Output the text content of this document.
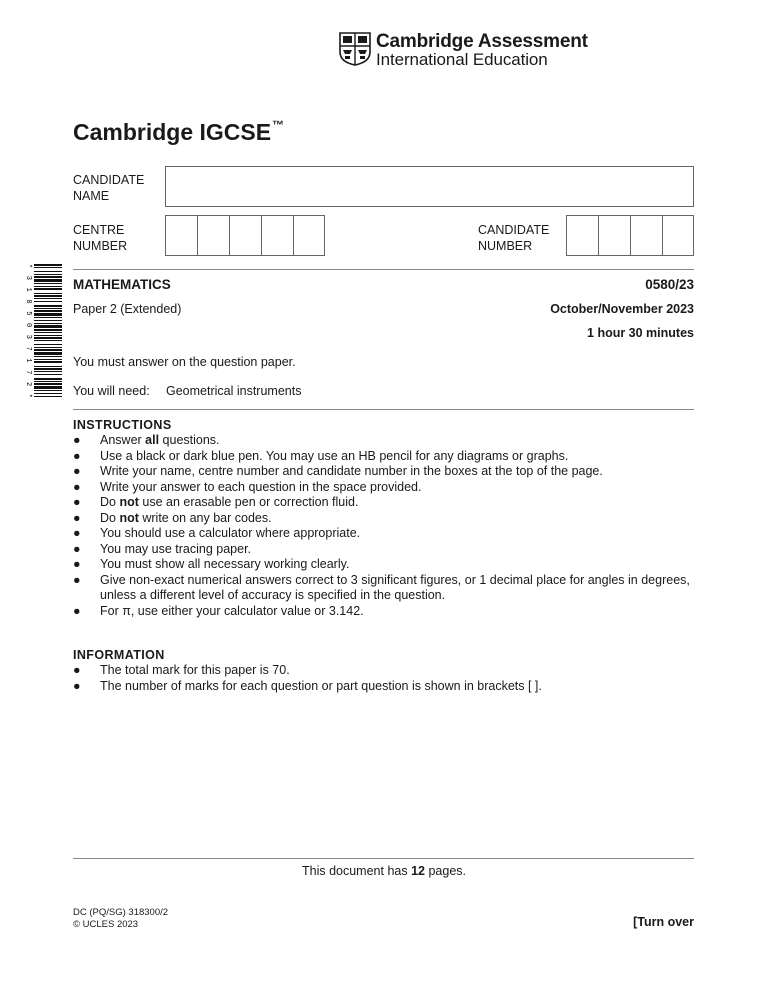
Cambridge Assessment
International Education
Cambridge IGCSE™
CANDIDATE
NAME
CENTRE
NUMBER
CANDIDATE
NUMBER
*3185037172*
MATHEMATICS	0580/23
Paper 2 (Extended)	October/November 2023
1 hour 30 minutes
You must answer on the question paper.
You will need: Geometrical instruments
INSTRUCTIONS
● Answer all questions.
● Use a black or dark blue pen. You may use an HB pencil for any diagrams or graphs.
● Write your name, centre number and candidate number in the boxes at the top of the page.
● Write your answer to each question in the space provided.
● Do not use an erasable pen or correction fluid.
● Do not write on any bar codes.
● You should use a calculator where appropriate.
● You may use tracing paper.
● You must show all necessary working clearly.
● Give non-exact numerical answers correct to 3 significant figures, or 1 decimal place for angles in degrees, unless a different level of accuracy is specified in the question.
● For π, use either your calculator value or 3.142.
INFORMATION
● The total mark for this paper is 70.
● The number of marks for each question or part question is shown in brackets [ ].
This document has 12 pages.
DC (PQ/SG) 318300/2
© UCLES 2023	[Turn over
